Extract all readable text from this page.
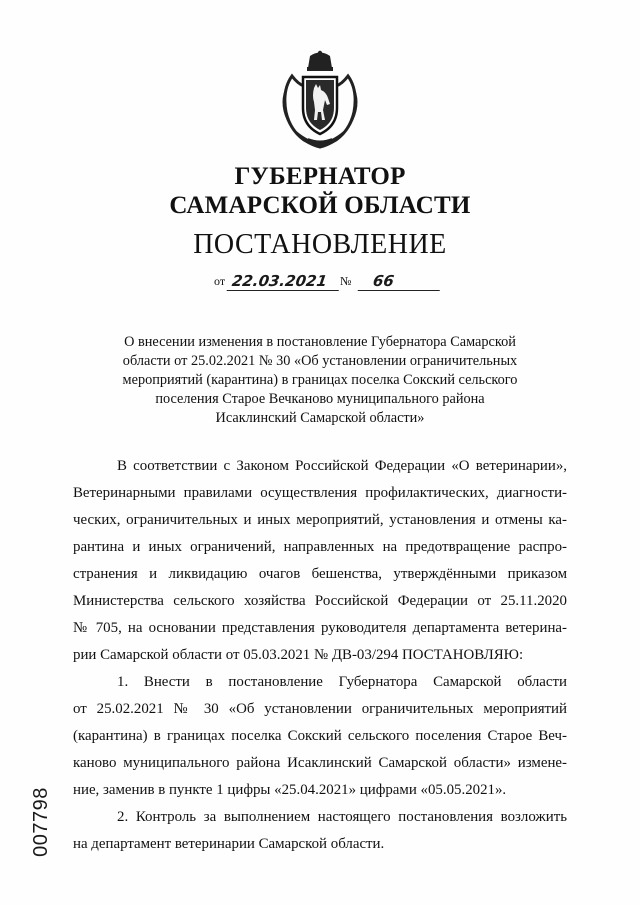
ГУБЕРНАТОР
САМАРСКОЙ ОБЛАСТИ
ПОСТАНОВЛЕНИЕ
от 22.03.2021 №	66
О внесении изменения в постановление Губернатора Самарской
области от 25.02.2021 № 30 «Об установлении ограничительных
мероприятий (карантина) в границах поселка Сокский сельского
поселения Старое Вечканово муниципального района
Исаклинский Самарской области»
В соответствии с Законом Российской Федерации «О ветеринарии»,
Ветеринарными правилами осуществления профилактических, диагности-
ческих, ограничительных и иных мероприятий, установления и отмены ка-
рантина и иных ограничений, направленных на предотвращение распро-
странения и ликвидацию очагов бешенства, утверждёнными приказом
Министерства сельского хозяйства Российской Федерации от 25.11.2020
№ 705, на основании представления руководителя департамента ветерина-
рии Самарской области от 05.03.2021 № ДВ-03/294 ПОСТАНОВЛЯЮ:
1. Внести в постановление Губернатора Самарской области
от 25.02.2021 № 30 «Об установлении ограничительных мероприятий
(карантина) в границах поселка Сокский сельского поселения Старое Веч-
каново муниципального района Исаклинский Самарской области» измене-
ние, заменив в пункте 1 цифры «25.04.2021» цифрами «05.05.2021».
2. Контроль за выполнением настоящего постановления возложить
на департамент ветеринарии Самарской области.
007798
